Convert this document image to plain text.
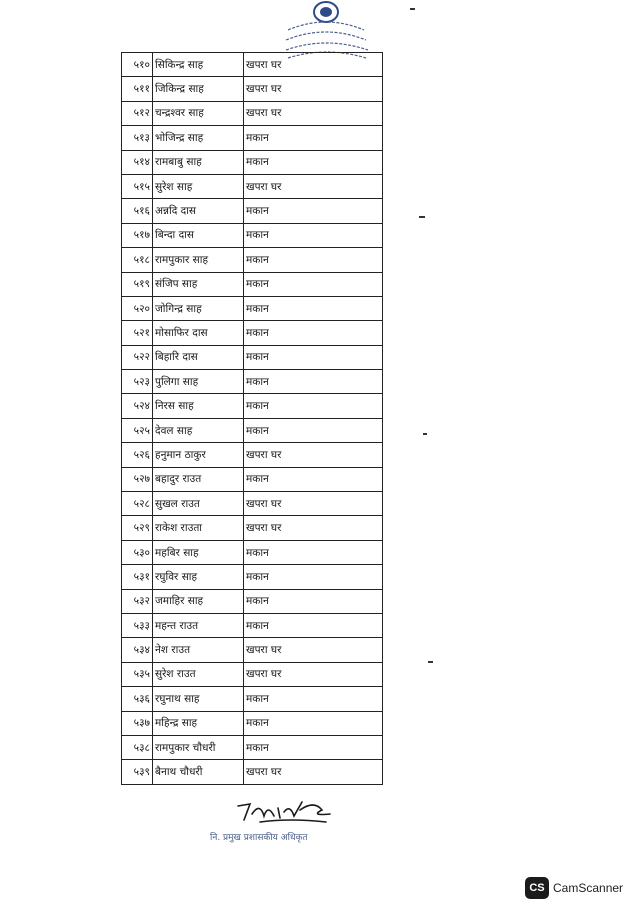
५१०	सिकिन्द्र साह	खपरा घर
५११	जिकिन्द्र साह	खपरा घर
५१२	चन्द्रश्वर साह	खपरा घर
५१३	भोजिन्द्र साह	मकान
५१४	रामबाबु साह	मकान
५१५	सुरेश साह	खपरा घर
५१६	अन्नदि दास	मकान
५१७	बिन्दा दास	मकान
५१८	रामपुकार साह	मकान
५१९	संजिप साह	मकान
५२०	जोगिन्द्र साह	मकान
५२१	मोसाफिर दास	मकान
५२२	बिहारि दास	मकान
५२३	पुलिगा साह	मकान
५२४	निरस साह	मकान
५२५	देवल साह	मकान
५२६	हनुमान ठाकुर	खपरा घर
५२७	बहादुर राउत	मकान
५२८	सुखल राउत	खपरा घर
५२९	राकेश राउता	खपरा घर
५३०	महबिर साह	मकान
५३१	रघुविर साह	मकान
५३२	जमाहिर साह	मकान
५३३	महन्त राउत	मकान
५३४	नेश राउत	खपरा घर
५३५	सुरेश राउत	खपरा घर
५३६	रघुनाथ साह	मकान
५३७	महिन्द्र साह	मकान
५३८	रामपुकार चौधरी	मकान
५३९	बैनाथ चौधरी	खपरा घर
नि. प्रमुख प्रशासकीय अधिकृत
CS CamScanner
